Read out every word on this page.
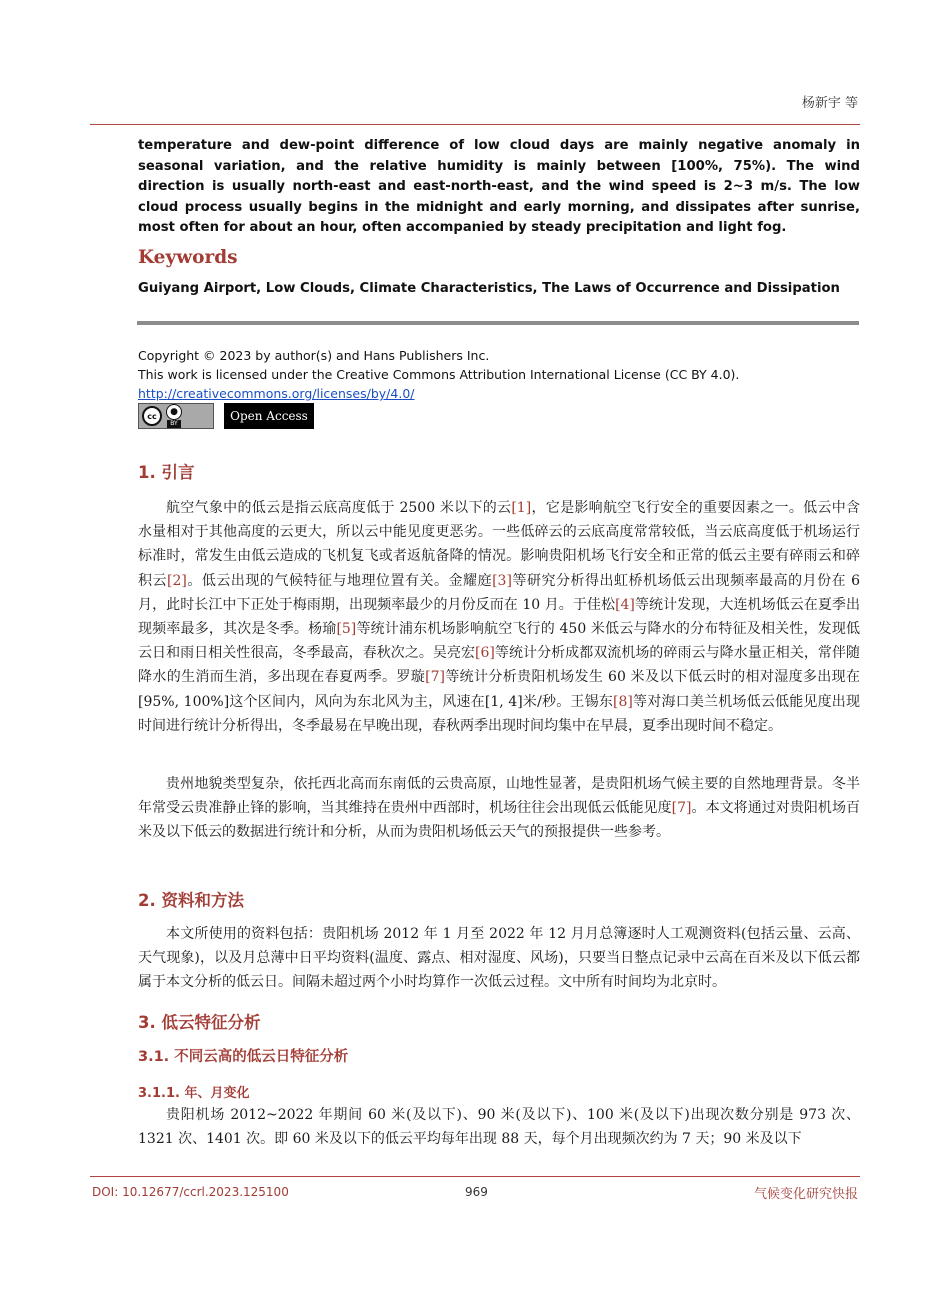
杨新宇 等
temperature and dew-point difference of low cloud days are mainly negative anomaly in seasonal variation, and the relative humidity is mainly between [100%, 75%). The wind direction is usually north-east and east-north-east, and the wind speed is 2~3 m/s. The low cloud process usually begins in the midnight and early morning, and dissipates after sunrise, most often for about an hour, often accompanied by steady precipitation and light fog.
Keywords
Guiyang Airport, Low Clouds, Climate Characteristics, The Laws of Occurrence and Dissipation
Copyright © 2023 by author(s) and Hans Publishers Inc.
This work is licensed under the Creative Commons Attribution International License (CC BY 4.0).
http://creativecommons.org/licenses/by/4.0/
cc	●
BY
Open Access
1. 引言
航空气象中的低云是指云底高度低于 2500 米以下的云[1]，它是影响航空飞行安全的重要因素之一。低云中含水量相对于其他高度的云更大，所以云中能见度更恶劣。一些低碎云的云底高度常常较低，当云底高度低于机场运行标准时，常发生由低云造成的飞机复飞或者返航备降的情况。影响贵阳机场飞行安全和正常的低云主要有碎雨云和碎积云[2]。低云出现的气候特征与地理位置有关。金耀庭[3]等研究分析得出虹桥机场低云出现频率最高的月份在 6 月，此时长江中下正处于梅雨期，出现频率最少的月份反而在 10 月。于佳松[4]等统计发现，大连机场低云在夏季出现频率最多，其次是冬季。杨瑜[5]等统计浦东机场影响航空飞行的 450 米低云与降水的分布特征及相关性，发现低云日和雨日相关性很高，冬季最高，春秋次之。吴亮宏[6]等统计分析成都双流机场的碎雨云与降水量正相关，常伴随降水的生消而生消，多出现在春夏两季。罗璇[7]等统计分析贵阳机场发生 60 米及以下低云时的相对湿度多出现在[95%, 100%]这个区间内，风向为东北风为主，风速在[1, 4]米/秒。王锡东[8]等对海口美兰机场低云低能见度出现时间进行统计分析得出，冬季最易在早晚出现，春秋两季出现时间均集中在早晨，夏季出现时间不稳定。
贵州地貌类型复杂，依托西北高而东南低的云贵高原，山地性显著，是贵阳机场气候主要的自然地理背景。冬半年常受云贵准静止锋的影响，当其维持在贵州中西部时，机场往往会出现低云低能见度[7]。本文将通过对贵阳机场百米及以下低云的数据进行统计和分析，从而为贵阳机场低云天气的预报提供一些参考。
2. 资料和方法
本文所使用的资料包括：贵阳机场 2012 年 1 月至 2022 年 12 月月总簿逐时人工观测资料(包括云量、云高、天气现象)，以及月总薄中日平均资料(温度、露点、相对湿度、风场)，只要当日整点记录中云高在百米及以下低云都属于本文分析的低云日。间隔未超过两个小时均算作一次低云过程。文中所有时间均为北京时。
3. 低云特征分析
3.1. 不同云高的低云日特征分析
3.1.1. 年、月变化
贵阳机场 2012~2022 年期间 60 米(及以下)、90 米(及以下)、100 米(及以下)出现次数分别是 973 次、1321 次、1401 次。即 60 米及以下的低云平均每年出现 88 天，每个月出现频次约为 7 天；90 米及以下
DOI: 10.12677/ccrl.2023.125100	969	气候变化研究快报
